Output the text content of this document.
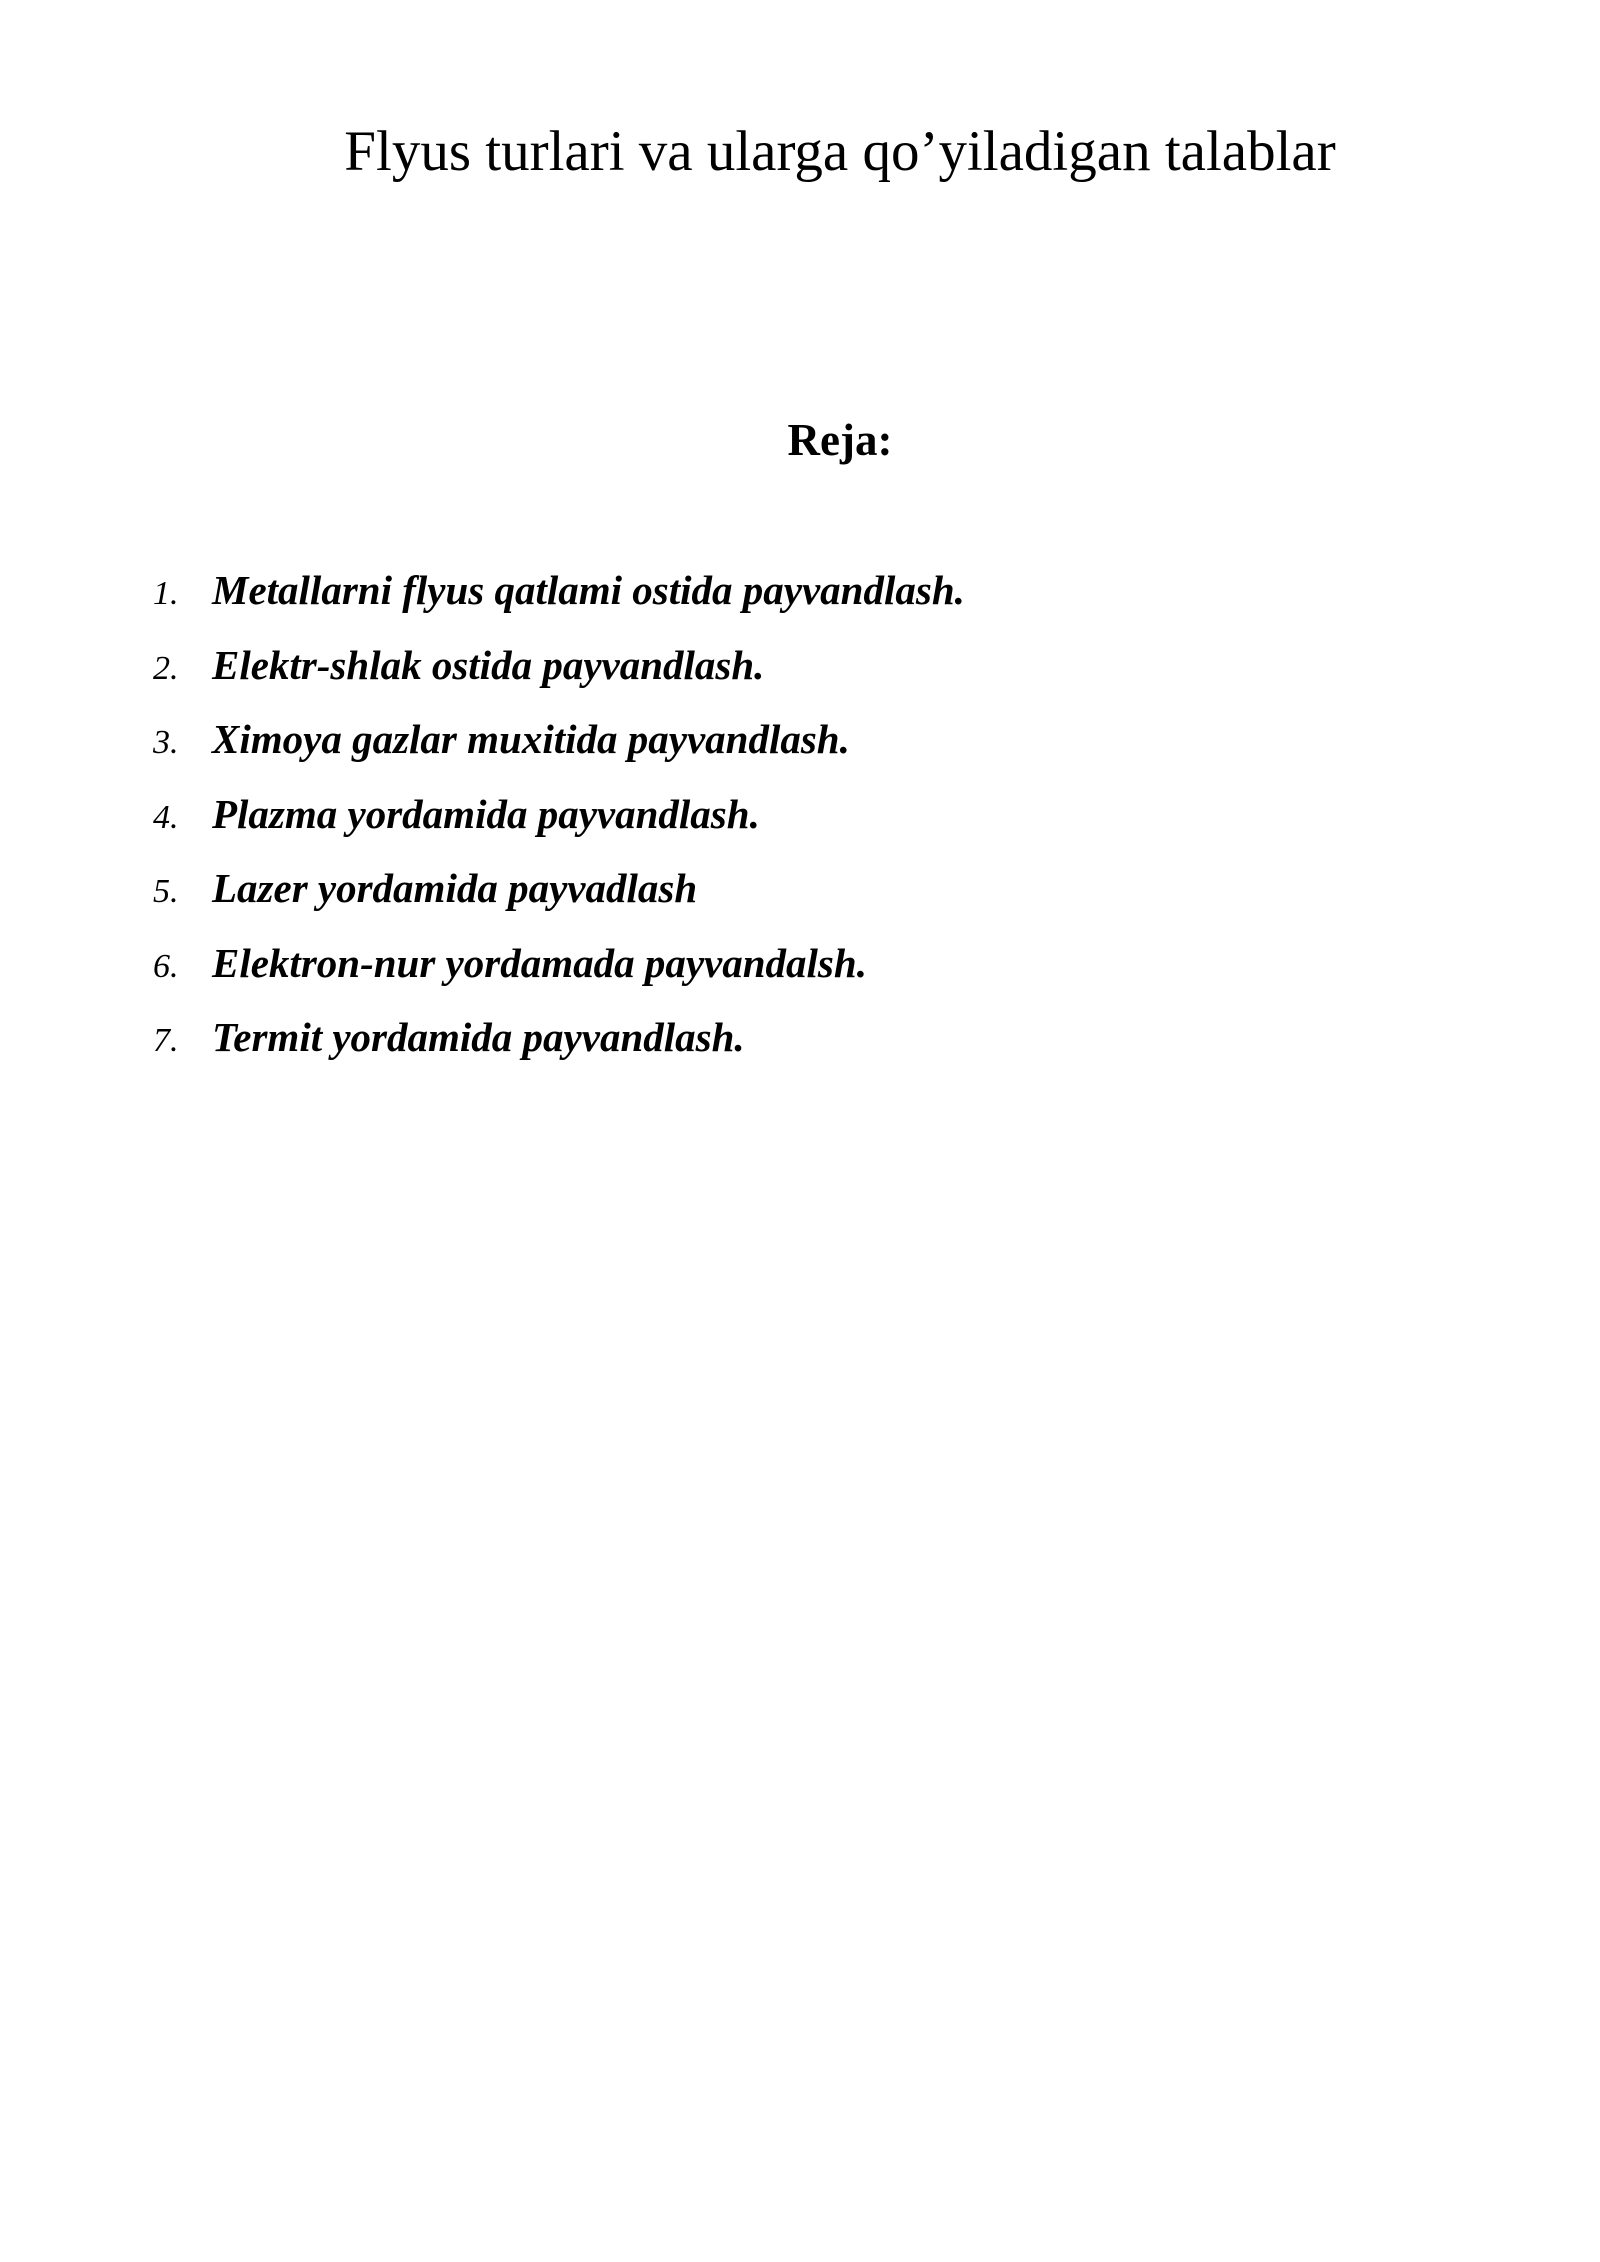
Flyus turlari va ularga qo’yiladigan talablar
Reja:
1. Metallarni flyus qatlami ostida payvandlash.
2. Elektr-shlak ostida payvandlash.
3. Ximoya gazlar muxitida payvandlash.
4. Plazma yordamida payvandlash.
5. Lazer yordamida payvadlash
6. Elektron-nur yordamada payvandalsh.
7. Termit yordamida payvandlash.
